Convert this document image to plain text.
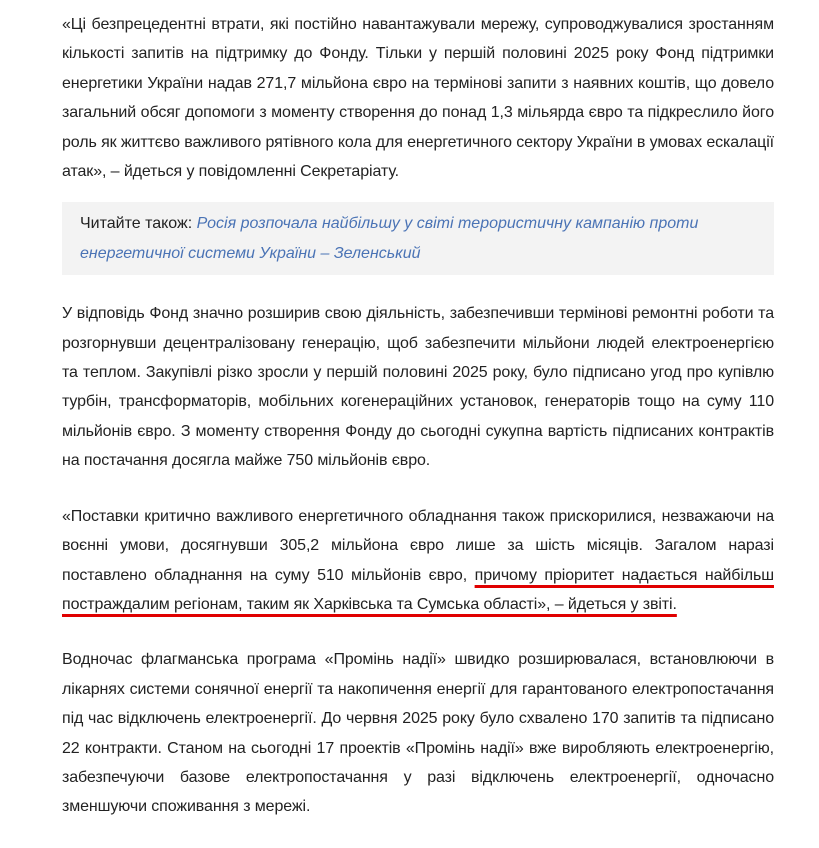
«Ці безпрецедентні втрати, які постійно навантажували мережу, супроводжувалися зростанням кількості запитів на підтримку до Фонду. Тільки у першій половині 2025 року Фонд підтримки енергетики України надав 271,7 мільйона євро на термінові запити з наявних коштів, що довело загальний обсяг допомоги з моменту створення до понад 1,3 мільярда євро та підкреслило його роль як життєво важливого рятівного кола для енергетичного сектору України в умовах ескалації атак», – йдеться у повідомленні Секретаріату.

Читайте також: Росія розпочала найбільшу у світі терористичну кампанію проти енергетичної системи України – Зеленський

У відповідь Фонд значно розширив свою діяльність, забезпечивши термінові ремонтні роботи та розгорнувши децентралізовану генерацію, щоб забезпечити мільйони людей електроенергією та теплом. Закупівлі різко зросли у першій половині 2025 року, було підписано угод про купівлю турбін, трансформаторів, мобільних когенераційних установок, генераторів тощо на суму 110 мільйонів євро. З моменту створення Фонду до сьогодні сукупна вартість підписаних контрактів на постачання досягла майже 750 мільйонів євро.

«Поставки критично важливого енергетичного обладнання також прискорилися, незважаючи на воєнні умови, досягнувши 305,2 мільйона євро лише за шість місяців. Загалом наразі поставлено обладнання на суму 510 мільйонів євро, причому пріоритет надається найбільш постраждалим регіонам, таким як Харківська та Сумська області», – йдеться у звіті.

Водночас флагманська програма «Промінь надії» швидко розширювалася, встановлюючи в лікарнях системи сонячної енергії та накопичення енергії для гарантованого електропостачання під час відключень електроенергії. До червня 2025 року було схвалено 170 запитів та підписано 22 контракти. Станом на сьогодні 17 проектів «Промінь надії» вже виробляють електроенергію, забезпечуючи базове електропостачання у разі відключень електроенергії, одночасно зменшуючи споживання з мережі.
